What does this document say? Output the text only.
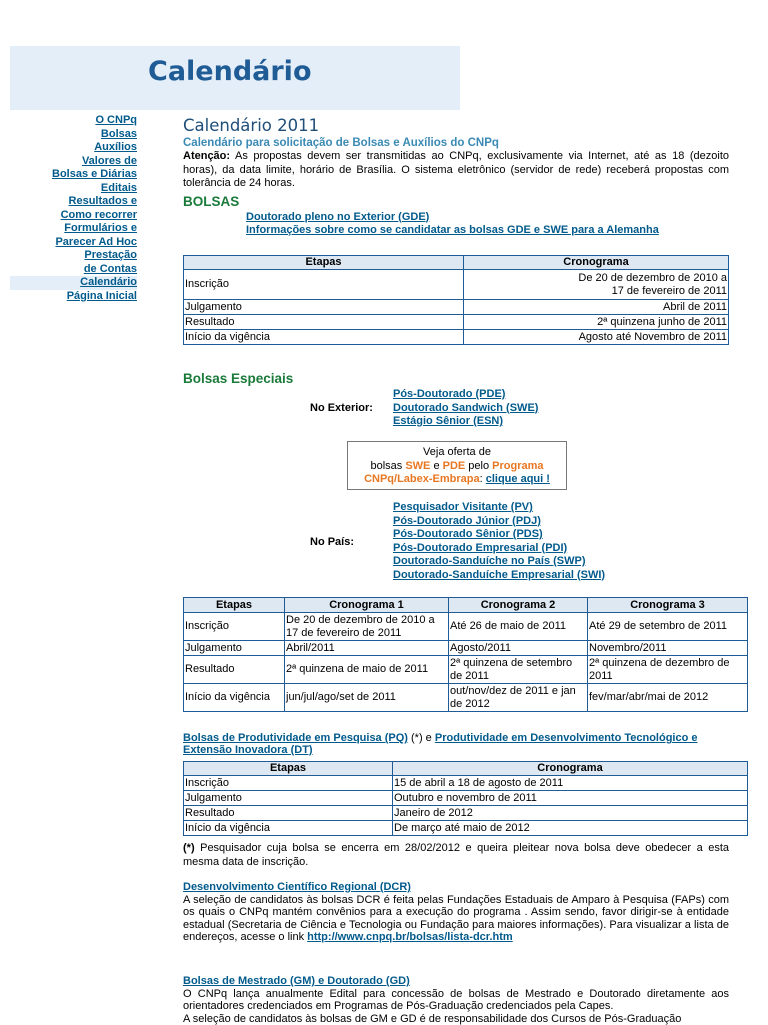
Calendário
O CNPq
Bolsas
Auxílios
Valores de
Bolsas e Diárias
Editais
Resultados e
Como recorrer
Formulários e
Parecer Ad Hoc
Prestação
de Contas
Calendário
Página Inicial
Calendário 2011
Calendário para solicitação de Bolsas e Auxílios do CNPq
Atenção: As propostas devem ser transmitidas ao CNPq, exclusivamente via Internet, até as 18 (dezoito horas), da data limite, horário de Brasília. O sistema eletrônico (servidor de rede) receberá propostas com tolerância de 24 horas.
BOLSAS
Doutorado pleno no Exterior (GDE)
Informações sobre como se candidatar as bolsas GDE e SWE para a Alemanha
Etapas	Cronograma
Inscrição	De 20 de dezembro de 2010 a
17 de fevereiro de 2011
Julgamento	Abril de 2011
Resultado	2ª quinzena junho de 2011
Início da vigência	Agosto até Novembro de 2011
Bolsas Especiais
No Exterior:
Pós-Doutorado (PDE)
Doutorado Sandwich (SWE)
Estágio Sênior (ESN)
Veja oferta de
bolsas SWE e PDE pelo Programa
CNPq/Labex-Embrapa: clique aqui !
No País:
Pesquisador Visitante (PV)
Pós-Doutorado Júnior (PDJ)
Pós-Doutorado Sênior (PDS)
Pós-Doutorado Empresarial (PDI)
Doutorado-Sanduíche no País (SWP)
Doutorado-Sanduíche Empresarial (SWI)
Etapas	Cronograma 1	Cronograma 2	Cronograma 3
Inscrição	De 20 de dezembro de 2010 a 17 de fevereiro de 2011	Até 26 de maio de 2011	Até 29 de setembro de 2011
Julgamento	Abril/2011	Agosto/2011	Novembro/2011
Resultado	2ª quinzena de maio de 2011	2ª quinzena de setembro de 2011	2ª quinzena de dezembro de 2011
Início da vigência	jun/jul/ago/set de 2011	out/nov/dez de 2011 e jan de 2012	fev/mar/abr/mai de 2012
Bolsas de Produtividade em Pesquisa (PQ) (*) e Produtividade em Desenvolvimento Tecnológico e Extensão Inovadora (DT)
Etapas	Cronograma
Inscrição	15 de abril a 18 de agosto de 2011
Julgamento	Outubro e novembro de 2011
Resultado	Janeiro de 2012
Início da vigência	De março até maio de 2012
(*) Pesquisador cuja bolsa se encerra em 28/02/2012 e queira pleitear nova bolsa deve obedecer a esta mesma data de inscrição.
Desenvolvimento Científico Regional (DCR)
A seleção de candidatos às bolsas DCR é feita pelas Fundações Estaduais de Amparo à Pesquisa (FAPs) com os quais o CNPq mantém convênios para a execução do programa . Assim sendo, favor dirigir-se à entidade estadual (Secretaria de Ciência e Tecnologia ou Fundação para maiores informações). Para visualizar a lista de endereços, acesse o link http://www.cnpq.br/bolsas/lista-dcr.htm
Bolsas de Mestrado (GM) e Doutorado (GD)
O CNPq lança anualmente Edital para concessão de bolsas de Mestrado e Doutorado diretamente aos orientadores credenciados em Programas de Pós-Graduação credenciados pela Capes.
A seleção de candidatos às bolsas de GM e GD é de responsabilidade dos Cursos de Pós-Graduação
